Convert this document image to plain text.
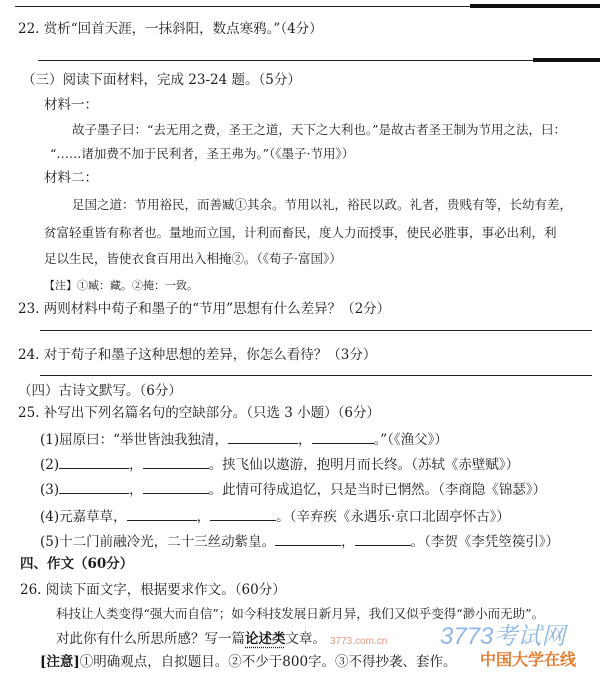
22. 赏析“回首天涯，一抹斜阳，数点寒鸦。”（4分）
（三）阅读下面材料，完成 23-24 题。（5分）
材料一：
故子墨子曰：“去无用之费，圣王之道，天下之大利也。”是故古者圣王制为节用之法，曰：
“……诸加费不加于民利者，圣王弗为。”（《墨子·节用》）
材料二：
足国之道：节用裕民，而善臧①其余。节用以礼，裕民以政。礼者，贵贱有等，长幼有差，
贫富轻重皆有称者也。量地而立国，计利而畜民，度人力而授事，使民必胜事，事必出利，利
足以生民，皆使衣食百用出入相掩②。（《荀子·富国》）
【注】①臧：藏。②掩：一致。
23. 两则材料中荀子和墨子的“节用”思想有什么差异？（2分）
24. 对于荀子和墨子这种思想的差异，你怎么看待？（3分）
（四）古诗文默写。（6分）
25. 补写出下列名篇名句的空缺部分。（只选 3 小题）（6分）
(1)屈原曰：“举世皆浊我独清，	，	。”（《渔父》）
(2)	，	。挟飞仙以遨游，抱明月而长终。（苏轼《赤壁赋》）
(3)	，	。此情可待成追忆，只是当时已惘然。（李商隐《锦瑟》）
(4)元嘉草草，	，	。（辛弃疾《永遇乐·京口北固亭怀古》）
(5)十二门前融冷光，二十三丝动紫皇。	，	。（李贺《李凭箜篌引》）
四、作文（60分）
26. 阅读下面文字，根据要求作文。（60分）
科技让人类变得“强大而自信”；如今科技发展日新月异，我们又似乎变得“渺小而无助”。
对此你有什么所思所感？写一篇论述类文章。
[注意]①明确观点，自拟题目。②不少于800字。③不得抄袭、套作。
3773考试网
中国大学在线
3773.com.cn
